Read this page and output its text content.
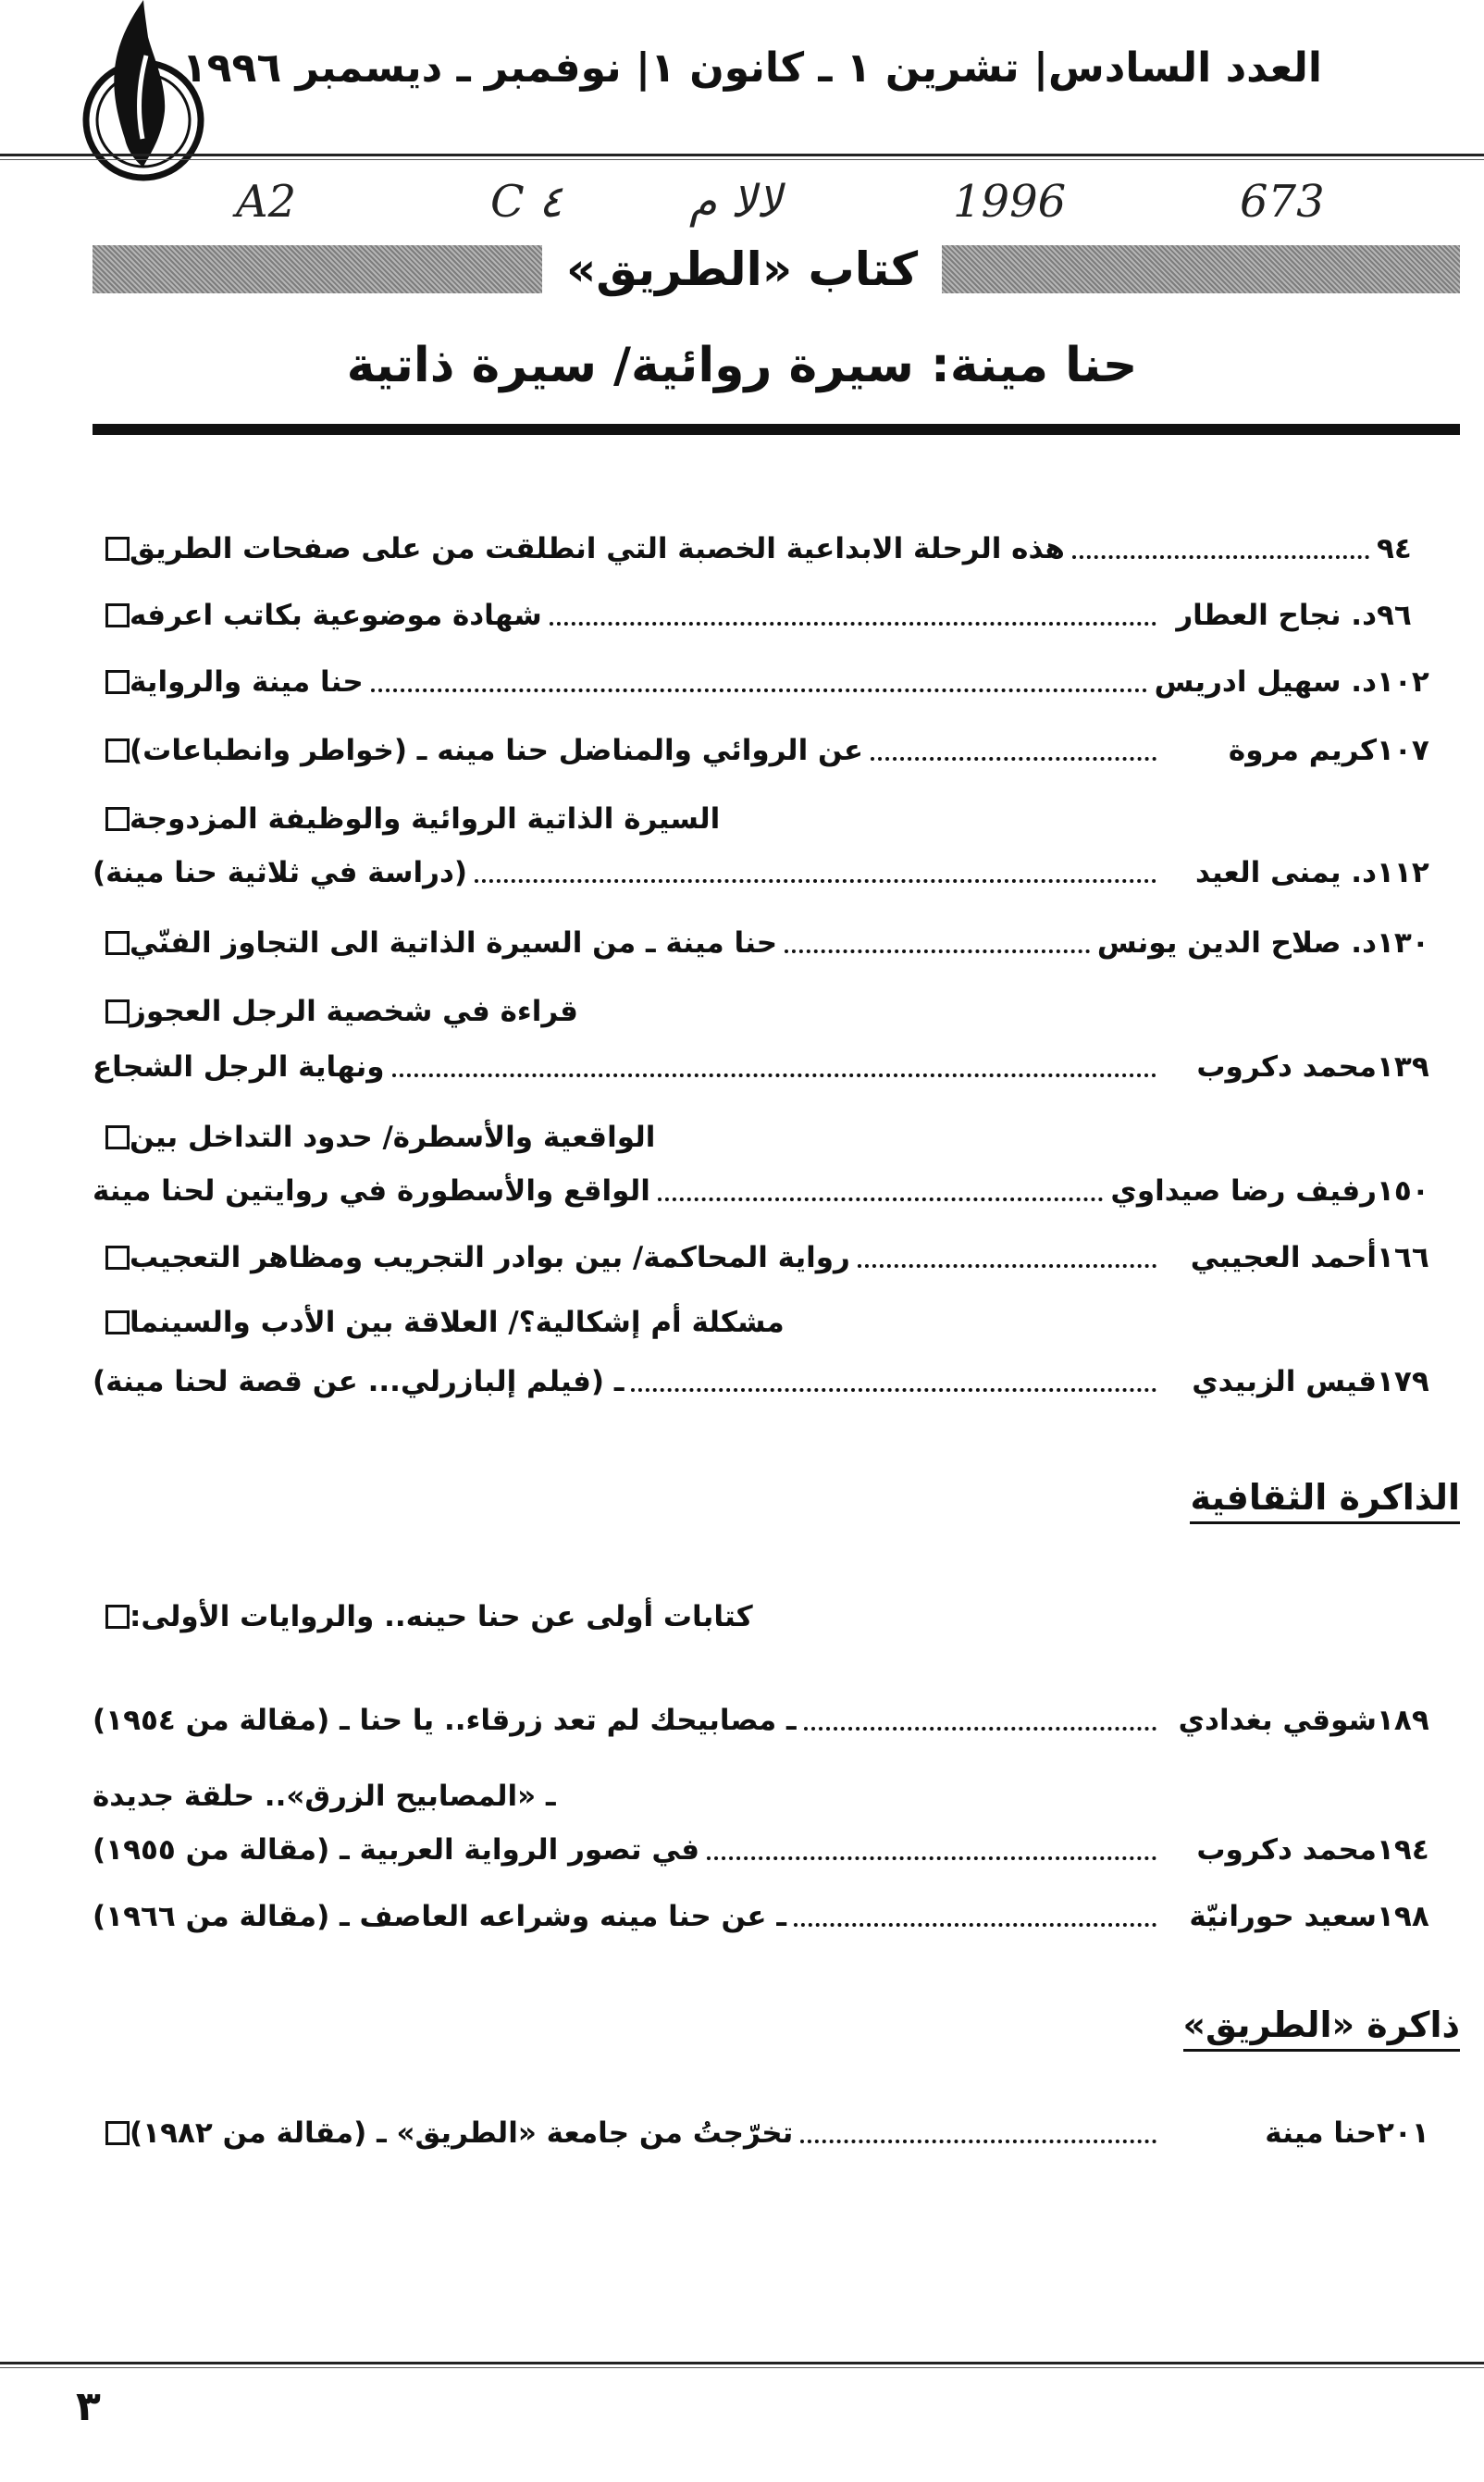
العدد السادس| تشرين ١ ـ كانون ١| نوفمبر ـ ديسمبر ١٩٩٦
A2	C ٤	ﻻﻻ م	1996	673
كتاب «الطريق»
حنا مينة: سيرة روائية/ سيرة ذاتية
هذه الرحلة الابداعية الخصبة التي انطلقت من على صفحات الطريق	٩٤
شهادة موضوعية بكاتب اعرفه	د. نجاح العطار ٩٦
حنا مينة والرواية	د. سهيل ادريس ١٠٢
عن الروائي والمناضل حنا مينه ـ (خواطر وانطباعات)	كريم مروة ١٠٧
السيرة الذاتية الروائية والوظيفة المزدوجة
(دراسة في ثلاثية حنا مينة)	د. يمنى العيد ١١٢
حنا مينة ـ من السيرة الذاتية الى التجاوز الفنّي	د. صلاح الدين يونس ١٣٠
قراءة في شخصية الرجل العجوز
ونهاية الرجل الشجاع	محمد دكروب ١٣٩
الواقعية والأسطرة/ حدود التداخل بين
الواقع والأسطورة في روايتين لحنا مينة	رفيف رضا صيداوي ١٥٠
رواية المحاكمة/ بين بوادر التجريب ومظاهر التعجيب	أحمد العجيبي ١٦٦
مشكلة أم إشكالية؟/ العلاقة بين الأدب والسينما
ـ (فيلم إلبازرلي... عن قصة لحنا مينة)	قيس الزبيدي ١٧٩
الذاكرة الثقافية
كتابات أولى عن حنا حينه.. والروايات الأولى:
ـ مصابيحك لم تعد زرقاء.. يا حنا ـ (مقالة من ١٩٥٤)	شوقي بغدادي ١٨٩
ـ «المصابيح الزرق».. حلقة جديدة
في تصور الرواية العربية ـ (مقالة من ١٩٥٥)	محمد دكروب ١٩٤
ـ عن حنا مينه وشراعه العاصف ـ (مقالة من ١٩٦٦)	سعيد حورانيّة ١٩٨
ذاكرة «الطريق»
تخرّجتُ من جامعة «الطريق» ـ (مقالة من ١٩٨٢)	حنا مينة ٢٠١
٣
